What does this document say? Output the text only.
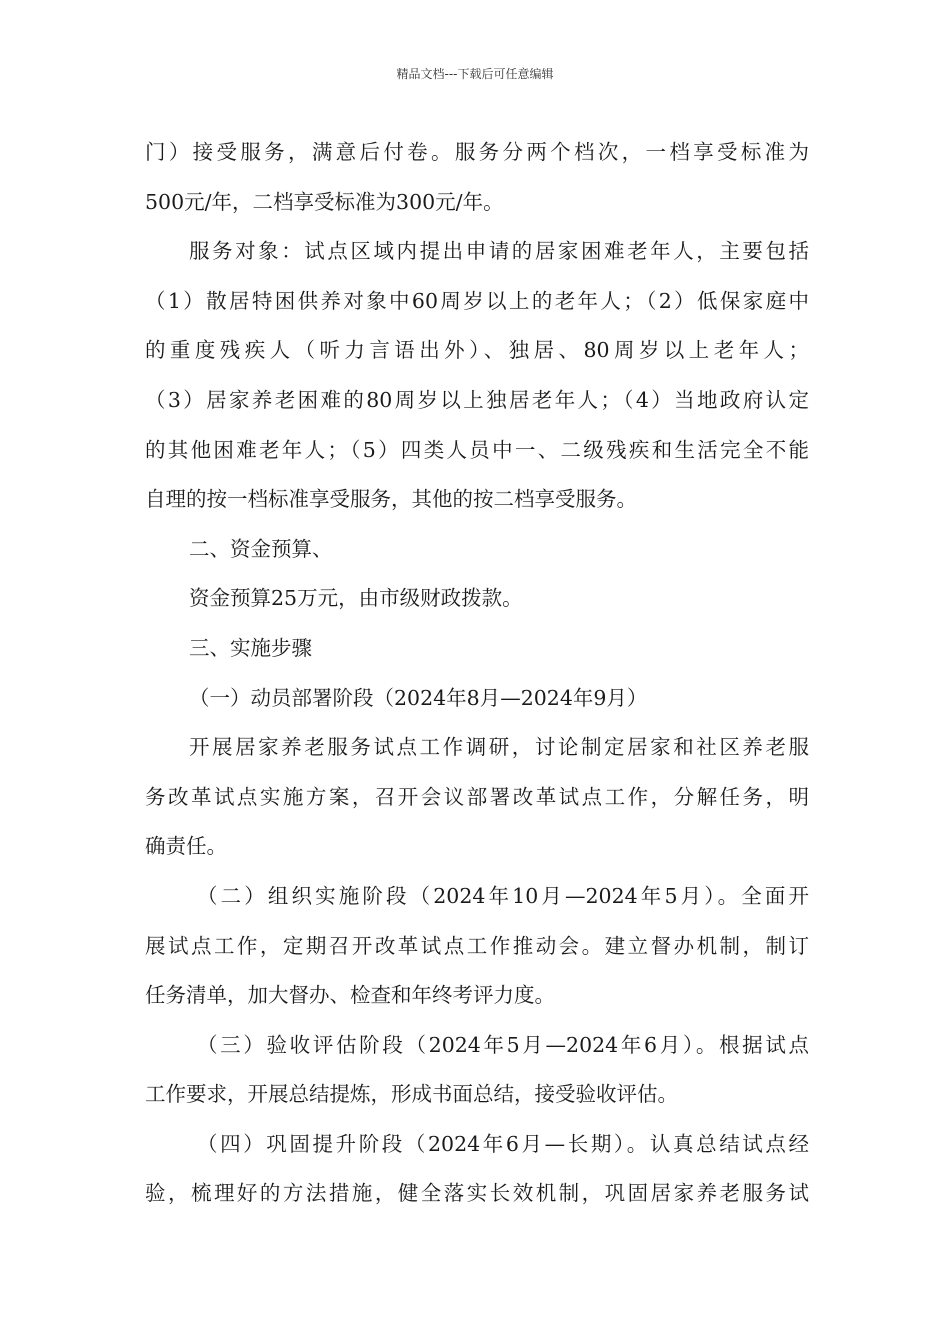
精品文档---下载后可任意编辑
门）接受服务，满意后付卷。服务分两个档次，一档享受标准为
500元/年，二档享受标准为300元/年。
服务对象：试点区域内提出申请的居家困难老年人，主要包括
（1）散居特困供养对象中60周岁以上的老年人；（2）低保家庭中
的重度残疾人（听力言语出外）、独居、80周岁以上老年人；
（3）居家养老困难的80周岁以上独居老年人；（4）当地政府认定
的其他困难老年人；（5）四类人员中一、二级残疾和生活完全不能
自理的按一档标准享受服务，其他的按二档享受服务。
二、资金预算、
资金预算25万元，由市级财政拨款。
三、实施步骤
（一）动员部署阶段（2024年8月—2024年9月）
开展居家养老服务试点工作调研，讨论制定居家和社区养老服
务改革试点实施方案，召开会议部署改革试点工作，分解任务，明
确责任。
（二）组织实施阶段（2024年10月—2024年5月）。全面开
展试点工作，定期召开改革试点工作推动会。建立督办机制，制订
任务清单，加大督办、检查和年终考评力度。
（三）验收评估阶段（2024年5月—2024年6月）。根据试点
工作要求，开展总结提炼，形成书面总结，接受验收评估。
（四）巩固提升阶段（2024年6月—长期）。认真总结试点经
验，梳理好的方法措施，健全落实长效机制，巩固居家养老服务试
